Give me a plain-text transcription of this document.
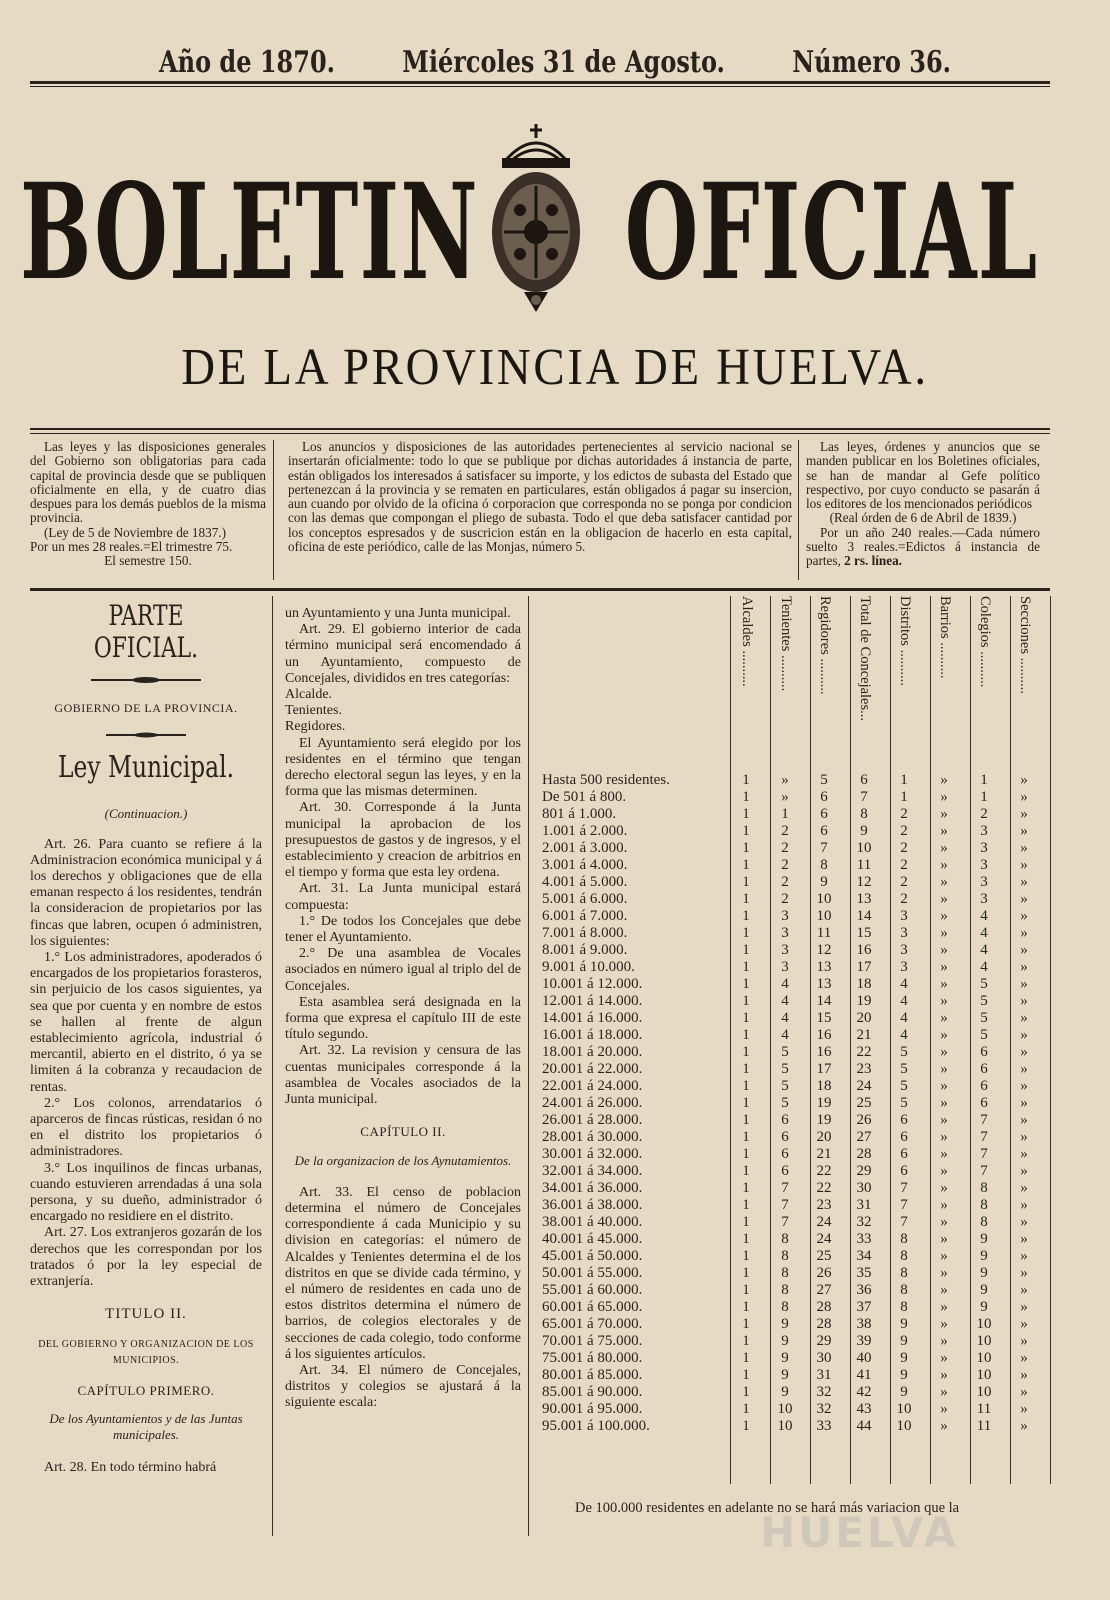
Año de 1870. Miércoles 31 de Agosto. Número 36.
BOLETIN OFICIAL
DE LA PROVINCIA DE HUELVA.

Las leyes y las disposiciones generales del Gobierno son obligatorias para cada capital de provincia desde que se publiquen oficialmente en ella, y de cuatro dias despues para los demás pueblos de la misma provincia.

(Ley de 5 de Noviembre de 1837.)

Por un mes 28 reales.=El trimestre 75.

El semestre 150.

Los anuncios y disposiciones de las autoridades pertenecientes al servicio nacional se insertarán oficialmente: todo lo que se publique por dichas autoridades á instancia de parte, están obligados los interesados á satisfacer su importe, y los edictos de subasta del Estado que pertenezcan á la provincia y se rematen en particulares, están obligados á pagar su insercion, aun cuando por olvido de la oficina ó corporacion que corresponda no se ponga por condicion con las demas que compongan el pliego de subasta. Todo el que deba satisfacer cantidad por los conceptos espresados y de suscricion están en la obligacion de hacerlo en esta capital, oficina de este periódico, calle de las Monjas, número 5.

Las leyes, órdenes y anuncios que se manden publicar en los Boletines oficiales, se han de mandar al Gefe político respectivo, por cuyo conducto se pasarán á los editores de los mencionados periódicos

(Real órden de 6 de Abril de 1839.)

Por un año 240 reales.—Cada número suelto 3 reales.=Edictos á instancia de partes, 2 rs. línea.

PARTE OFICIAL.
GOBIERNO DE LA PROVINCIA.
Ley Municipal.
(Continuacion.)

Art. 26. Para cuanto se refiere á la Administracion económica municipal y á los derechos y obligaciones que de ella emanan respecto á los residentes, tendrán la consideracion de propietarios por las fincas que labren, ocupen ó administren, los siguientes:

1.° Los administradores, apoderados ó encargados de los propietarios forasteros, sin perjuicio de los casos siguientes, ya sea que por cuenta y en nombre de estos se hallen al frente de algun establecimiento agrícola, industrial ó mercantil, abierto en el distrito, ó ya se limiten á la cobranza y recaudacion de rentas.

2.° Los colonos, arrendatarios ó aparceros de fincas rústicas, residan ó no en el distrito los propietarios ó administradores.

3.° Los inquilinos de fincas urbanas, cuando estuvieren arrendadas á una sola persona, y su dueño, administrador ó encargado no residiere en el distrito.

Art. 27. Los extranjeros gozarán de los derechos que les correspondan por los tratados ó por la ley especial de extranjería.

TITULO II.
DEL GOBIERNO Y ORGANIZACION DE LOS MUNICIPIOS.
CAPÍTULO PRIMERO.
De los Ayuntamientos y de las Juntas municipales.

Art. 28. En todo término habrá

un Ayuntamiento y una Junta municipal.

Art. 29. El gobierno interior de cada término municipal será encomendado á un Ayuntamiento, compuesto de Concejales, divididos en tres categorías:

Alcalde.

Tenientes.

Regidores.

El Ayuntamiento será elegido por los residentes en el término que tengan derecho electoral segun las leyes, y en la forma que las mismas determinen.

Art. 30. Corresponde á la Junta municipal la aprobacion de los presupuestos de gastos y de ingresos, y el establecimiento y creacion de arbitrios en el tiempo y forma que esta ley ordena.

Art. 31. La Junta municipal estará compuesta:

1.° De todos los Concejales que debe tener el Ayuntamiento.

2.° De una asamblea de Vocales asociados en número igual al triplo del de Concejales.

Esta asamblea será designada en la forma que expresa el capítulo III de este título segundo.

Art. 32. La revision y censura de las cuentas municipales corresponde á la asamblea de Vocales asociados de la Junta municipal.

CAPÍTULO II.
De la organizacion de los Aynutamientos.

Art. 33. El censo de poblacion determina el número de Concejales correspondiente á cada Municipio y su division en categorías: el número de Alcaldes y Tenientes determina el de los distritos en que se divide cada término, y el número de residentes en cada uno de estos distritos determina el número de barrios, de colegios electorales y de secciones de cada colegio, todo conforme á los siguientes artículos.

Art. 34. El número de Concejales, distritos y colegios se ajustará á la siguiente escala:

Alcaldes .......... Tenientes .......... Regidores .......... Total de Concejales... Distritos .......... Barrios .......... Colegios .......... Secciones ..........
Hasta 500 residentes.	1	»	5	6	1	»	1	»
De 501 á 800.	1	»	6	7	1	»	1	»
801 á 1.000.	1	1	6	8	2	»	2	»
1.001 á 2.000.	1	2	6	9	2	»	3	»
2.001 á 3.000.	1	2	7	10	2	»	3	»
3.001 á 4.000.	1	2	8	11	2	»	3	»
4.001 á 5.000.	1	2	9	12	2	»	3	»
5.001 á 6.000.	1	2	10	13	2	»	3	»
6.001 á 7.000.	1	3	10	14	3	»	4	»
7.001 á 8.000.	1	3	11	15	3	»	4	»
8.001 á 9.000.	1	3	12	16	3	»	4	»
9.001 á 10.000.	1	3	13	17	3	»	4	»
10.001 á 12.000.	1	4	13	18	4	»	5	»
12.001 á 14.000.	1	4	14	19	4	»	5	»
14.001 á 16.000.	1	4	15	20	4	»	5	»
16.001 á 18.000.	1	4	16	21	4	»	5	»
18.001 á 20.000.	1	5	16	22	5	»	6	»
20.001 á 22.000.	1	5	17	23	5	»	6	»
22.001 á 24.000.	1	5	18	24	5	»	6	»
24.001 á 26.000.	1	5	19	25	5	»	6	»
26.001 á 28.000.	1	6	19	26	6	»	7	»
28.001 á 30.000.	1	6	20	27	6	»	7	»
30.001 á 32.000.	1	6	21	28	6	»	7	»
32.001 á 34.000.	1	6	22	29	6	»	7	»
34.001 á 36.000.	1	7	22	30	7	»	8	»
36.001 á 38.000.	1	7	23	31	7	»	8	»
38.001 á 40.000.	1	7	24	32	7	»	8	»
40.001 á 45.000.	1	8	24	33	8	»	9	»
45.001 á 50.000.	1	8	25	34	8	»	9	»
50.001 á 55.000.	1	8	26	35	8	»	9	»
55.001 á 60.000.	1	8	27	36	8	»	9	»
60.001 á 65.000.	1	8	28	37	8	»	9	»
65.001 á 70.000.	1	9	28	38	9	»	10	»
70.001 á 75.000.	1	9	29	39	9	»	10	»
75.001 á 80.000.	1	9	30	40	9	»	10	»
80.001 á 85.000.	1	9	31	41	9	»	10	»
85.001 á 90.000.	1	9	32	42	9	»	10	»
90.001 á 95.000.	1	10	32	43	10	»	11	»
95.001 á 100.000.	1	10	33	44	10	»	11	»
De 100.000 residentes en adelante no se hará más variacion que la
HUELVA
